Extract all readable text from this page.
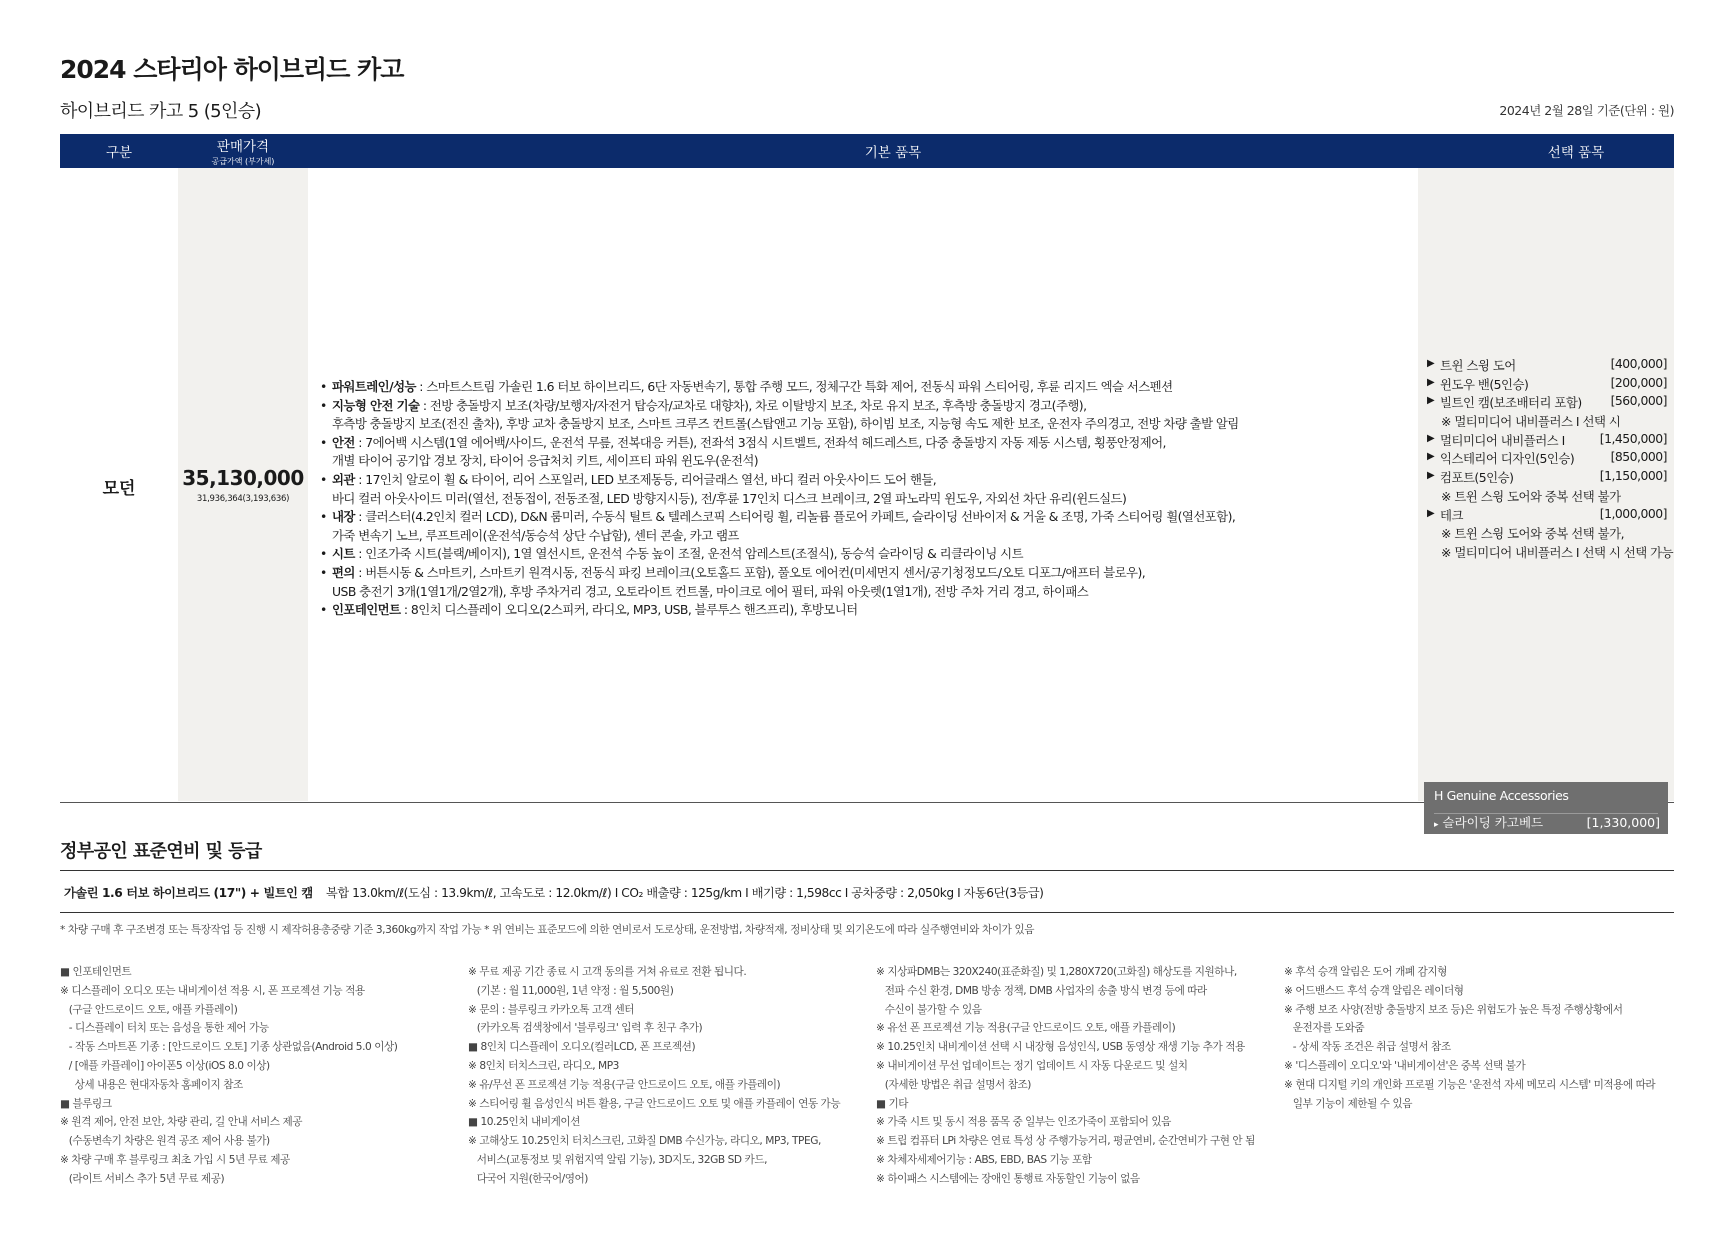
2024 스타리아 하이브리드 카고
하이브리드 카고 5 (5인승)	2024년 2월 28일 기준(단위 : 원)
구분	판매가격
공급가액 (부가세)
기본 품목	선택 품목
모던	35,130,000
31,936,364(3,193,636)
• 파워트레인/성능 : 스마트스트림 가솔린 1.6 터보 하이브리드, 6단 자동변속기, 통합 주행 모드, 정체구간 특화 제어, 전동식 파워 스티어링, 후륜 리지드 엑슬 서스펜션
• 지능형 안전 기술 : 전방 충돌방지 보조(차량/보행자/자전거 탑승자/교차로 대향차), 차로 이탈방지 보조, 차로 유지 보조, 후측방 충돌방지 경고(주행),
후측방 충돌방지 보조(전진 출차), 후방 교차 충돌방지 보조, 스마트 크루즈 컨트롤(스탑앤고 기능 포함), 하이빔 보조, 지능형 속도 제한 보조, 운전자 주의경고, 전방 차량 출발 알림
• 안전 : 7에어백 시스템(1열 에어백/사이드, 운전석 무릎, 전복대응 커튼), 전좌석 3점식 시트벨트, 전좌석 헤드레스트, 다중 충돌방지 자동 제동 시스템, 횡풍안정제어,
개별 타이어 공기압 경보 장치, 타이어 응급처치 키트, 세이프티 파워 윈도우(운전석)
• 외관 : 17인치 알로이 휠 & 타이어, 리어 스포일러, LED 보조제동등, 리어글래스 열선, 바디 컬러 아웃사이드 도어 핸들,
바디 컬러 아웃사이드 미러(열선, 전동접이, 전동조절, LED 방향지시등), 전/후륜 17인치 디스크 브레이크, 2열 파노라믹 윈도우, 자외선 차단 유리(윈드실드)
• 내장 : 클러스터(4.2인치 컬러 LCD), D&N 룸미러, 수동식 틸트 & 텔레스코픽 스티어링 휠, 리놀륨 플로어 카페트, 슬라이딩 선바이저 & 거울 & 조명, 가죽 스티어링 휠(열선포함),
가죽 변속기 노브, 루프트레이(운전석/동승석 상단 수납함), 센터 콘솔, 카고 램프
• 시트 : 인조가죽 시트(블랙/베이지), 1열 열선시트, 운전석 수동 높이 조절, 운전석 암레스트(조절식), 동승석 슬라이딩 & 리클라이닝 시트
• 편의 : 버튼시동 & 스마트키, 스마트키 원격시동, 전동식 파킹 브레이크(오토홀드 포함), 풀오토 에어컨(미세먼지 센서/공기청정모드/오토 디포그/애프터 블로우),
USB 충전기 3개(1열1개/2열2개), 후방 주차거리 경고, 오토라이트 컨트롤, 마이크로 에어 필터, 파워 아웃렛(1열1개), 전방 주차 거리 경고, 하이패스
• 인포테인먼트 : 8인치 디스플레이 오디오(2스피커, 라디오, MP3, USB, 블루투스 핸즈프리), 후방모니터
▶ 트윈 스윙 도어	[400,000]
▶ 윈도우 밴(5인승)	[200,000]
▶ 빌트인 캠(보조배터리 포함) [560,000]
※ 멀티미디어 내비플러스 I 선택 시
▶ 멀티미디어 내비플러스 I	[1,450,000]
▶ 익스테리어 디자인(5인승)	[850,000]
▶ 컴포트(5인승)	[1,150,000]
※ 트윈 스윙 도어와 중복 선택 불가
▶ 테크	[1,000,000]
※ 트윈 스윙 도어와 중복 선택 불가,
※ 멀티미디어 내비플러스 I 선택 시 선택 가능
H Genuine Accessories
▸ 슬라이딩 카고베드	[1,330,000]
정부공인 표준연비 및 등급
가솔린 1.6 터보 하이브리드 (17") + 빌트인 캠 복합 13.0km/ℓ(도심 : 13.9km/ℓ, 고속도로 : 12.0km/ℓ) I CO₂ 배출량 : 125g/km I 배기량 : 1,598cc I 공차중량 : 2,050kg I 자동6단(3등급)
* 차량 구매 후 구조변경 또는 특장작업 등 진행 시 제작허용총중량 기준 3,360kg까지 작업 가능 * 위 연비는 표준모드에 의한 연비로서 도로상태, 운전방법, 차량적재, 정비상태 및 외기온도에 따라 실주행연비와 차이가 있음
■ 인포테인먼트
※ 디스플레이 오디오 또는 내비게이션 적용 시, 폰 프로젝션 기능 적용
(구글 안드로이드 오토, 애플 카플레이)
- 디스플레이 터치 또는 음성을 통한 제어 가능
- 작동 스마트폰 기종 : [안드로이드 오토] 기종 상관없음(Android 5.0 이상)
/ [애플 카플레이] 아이폰5 이상(iOS 8.0 이상)
상세 내용은 현대자동차 홈페이지 참조
■ 블루링크
※ 원격 제어, 안전 보안, 차량 관리, 길 안내 서비스 제공
(수동변속기 차량은 원격 공조 제어 사용 불가)
※ 차량 구매 후 블루링크 최초 가입 시 5년 무료 제공
(라이트 서비스 추가 5년 무료 제공)
※ 무료 제공 기간 종료 시 고객 동의를 거쳐 유료로 전환 됩니다.
(기본 : 월 11,000원, 1년 약정 : 월 5,500원)
※ 문의 : 블루링크 카카오톡 고객 센터
(카카오톡 검색창에서 '블루링크' 입력 후 친구 추가)
■ 8인치 디스플레이 오디오(컬러LCD, 폰 프로젝션)
※ 8인치 터치스크린, 라디오, MP3
※ 유/무선 폰 프로젝션 기능 적용(구글 안드로이드 오토, 애플 카플레이)
※ 스티어링 휠 음성인식 버튼 활용, 구글 안드로이드 오토 및 애플 카플레이 연동 가능
■ 10.25인치 내비게이션
※ 고해상도 10.25인치 터치스크린, 고화질 DMB 수신가능, 라디오, MP3, TPEG,
서비스(교통정보 및 위험지역 알림 기능), 3D지도, 32GB SD 카드,
다국어 지원(한국어/영어)
※ 지상파DMB는 320X240(표준화질) 및 1,280X720(고화질) 해상도를 지원하나,
전파 수신 환경, DMB 방송 정책, DMB 사업자의 송출 방식 변경 등에 따라
수신이 불가할 수 있음
※ 유선 폰 프로젝션 기능 적용(구글 안드로이드 오토, 애플 카플레이)
※ 10.25인치 내비게이션 선택 시 내장형 음성인식, USB 동영상 재생 기능 추가 적용
※ 내비게이션 무선 업데이트는 정기 업데이트 시 자동 다운로드 및 설치
(자세한 방법은 취급 설명서 참조)
■ 기타
※ 가죽 시트 및 동시 적용 품목 중 일부는 인조가죽이 포함되어 있음
※ 트립 컴퓨터 LPi 차량은 연료 특성 상 주행가능거리, 평균연비, 순간연비가 구현 안 됨
※ 차체자세제어기능 : ABS, EBD, BAS 기능 포함
※ 하이패스 시스템에는 장애인 통행료 자동할인 기능이 없음
※ 후석 승객 알림은 도어 개폐 감지형
※ 어드밴스드 후석 승객 알림은 레이더형
※ 주행 보조 사양(전방 충돌방지 보조 등)은 위험도가 높은 특정 주행상황에서
운전자를 도와줌
- 상세 작동 조건은 취급 설명서 참조
※ '디스플레이 오디오'와 '내비게이션'은 중복 선택 불가
※ 현대 디지털 키의 개인화 프로필 기능은 '운전석 자세 메모리 시스템' 미적용에 따라
일부 기능이 제한될 수 있음
